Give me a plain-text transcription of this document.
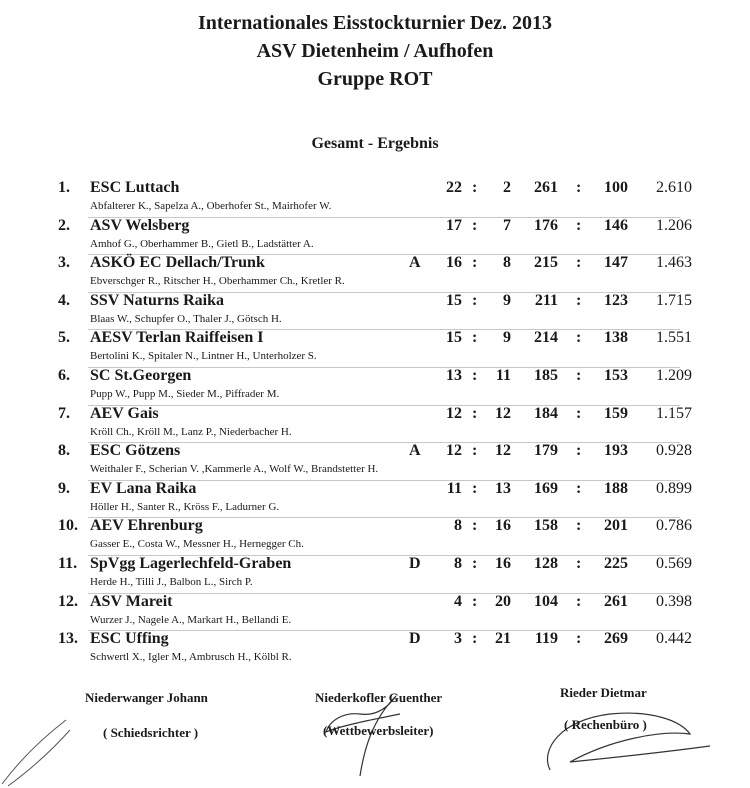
Internationales Eisstockturnier Dez. 2013
ASV Dietenheim / Aufhofen
Gruppe ROT
Gesamt - Ergebnis
1. ESC Luttach	22 :	2	261 :	100	2.610
Abfalterer K., Sapelza A., Oberhofer St., Mairhofer W.
2. ASV Welsberg	17 :	7	176 :	146	1.206
Amhof G., Oberhammer B., Gietl B., Ladstätter A.
3. ASKÖ EC Dellach/Trunk	A	16 :	8	215 :	147	1.463
Ebverschger R., Ritscher H., Oberhammer Ch., Kretler R.
4. SSV Naturns Raika	15 :	9	211 :	123	1.715
Blaas W., Schupfer O., Thaler J., Götsch H.
5. AESV Terlan Raiffeisen I	15 :	9	214 :	138	1.551
Bertolini K., Spitaler N., Lintner H., Unterholzer S.
6. SC St.Georgen	13 :	11	185 :	153	1.209
Pupp W., Pupp M., Sieder M., Piffrader M.
7. AEV Gais	12 :	12	184 :	159	1.157
Kröll Ch., Kröll M., Lanz P., Niederbacher H.
8. ESC Götzens	A	12 :	12	179 :	193	0.928
Weithaler F., Scherian V. ,Kammerle A., Wolf W., Brandstetter H.
9. EV Lana Raika	11 :	13	169 :	188	0.899
Höller H., Santer R., Kröss F., Ladurner G.
10. AEV Ehrenburg	8 :	16	158 :	201	0.786
Gasser E., Costa W., Messner H., Hernegger Ch.
11. SpVgg Lagerlechfeld-Graben	D	8 :	16	128 :	225	0.569
Herde H., Tilli J., Balbon L., Sirch P.
12. ASV Mareit	4 :	20	104 :	261	0.398
Wurzer J., Nagele A., Markart H., Bellandi E.
13. ESC Uffing	D	3 :	21	119 :	269	0.442
Schwertl X., Igler M., Ambrusch H., Kölbl R.
Niederwanger Johann
( Schiedsrichter )
Niederkofler Guenther
(Wettbewerbsleiter)
Rieder Dietmar
( Rechenbüro )
